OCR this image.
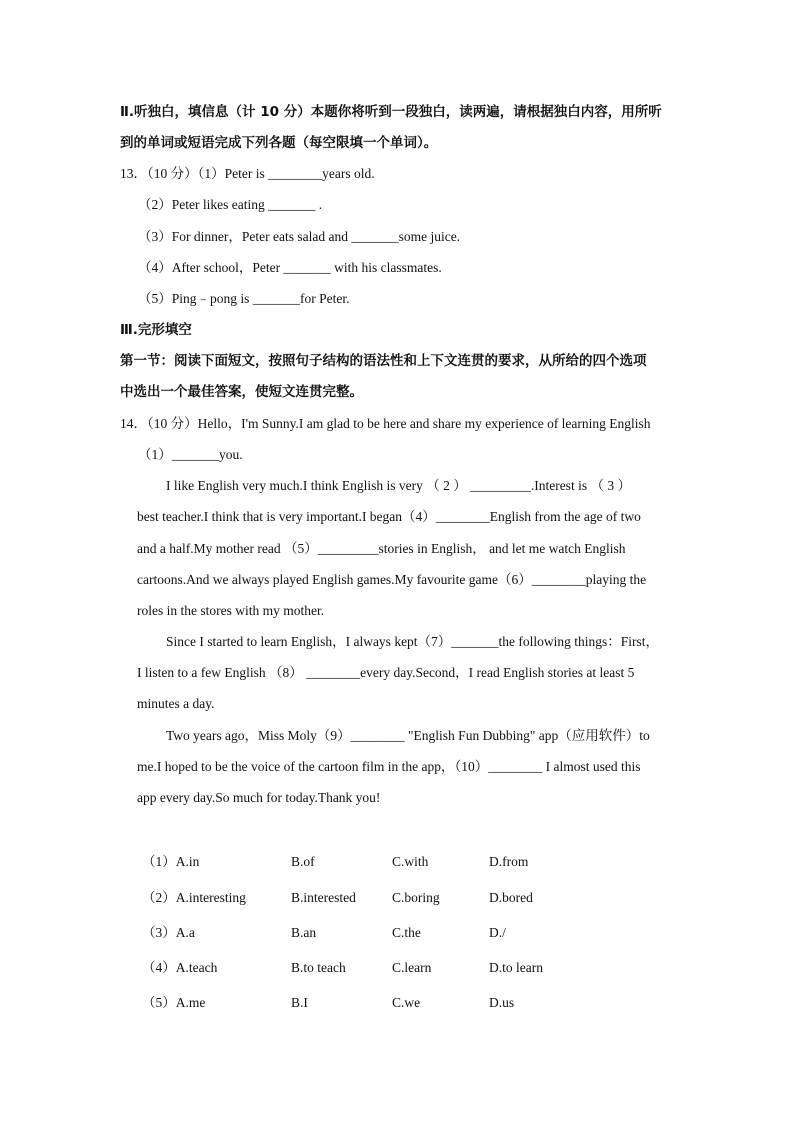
Ⅱ.听独白，填信息（计 10 分）本题你将听到一段独白，读两遍，请根据独白内容，用所听
到的单词或短语完成下列各题（每空限填一个单词）。
13．（10 分）（1）Peter is ________years old.
（2）Peter likes eating _______ .
（3）For dinner，Peter eats salad and _______some juice.
（4）After school，Peter _______ with his classmates.
（5）Ping﹣pong is _______for Peter.
Ⅲ.完形填空
第一节：阅读下面短文，按照句子结构的语法性和上下文连贯的要求，从所给的四个选项
中选出一个最佳答案，使短文连贯完整。
14．（10 分）Hello，I'm Sunny.I am glad to be here and share my experience of learning English
（1）_______you.
I like English very much.I think English is very （ 2 ） _________.Interest is （ 3 ）
best teacher.I think that is very important.I began（4）________English from the age of two
and a half.My mother read （5）_________stories in English， and let me watch English
cartoons.And we always played English games.My favourite game（6）________playing the
roles in the stores with my mother.
Since I started to learn English，I always kept（7）_______the following things：First，
I listen to a few English （8） ________every day.Second，I read English stories at least 5
minutes a day.
Two years ago，Miss Moly（9）________ "English Fun Dubbing" app（应用软件）to
me.I hoped to be the voice of the cartoon film in the app，（10）________ I almost used this
app every day.So much for today.Thank you!
（1）A.in	B.of	C.with	D.from
（2）A.interesting	B.interested	C.boring	D.bored
（3）A.a	B.an	C.the	D./
（4）A.teach	B.to teach	C.learn	D.to learn
（5）A.me	B.I	C.we	D.us
